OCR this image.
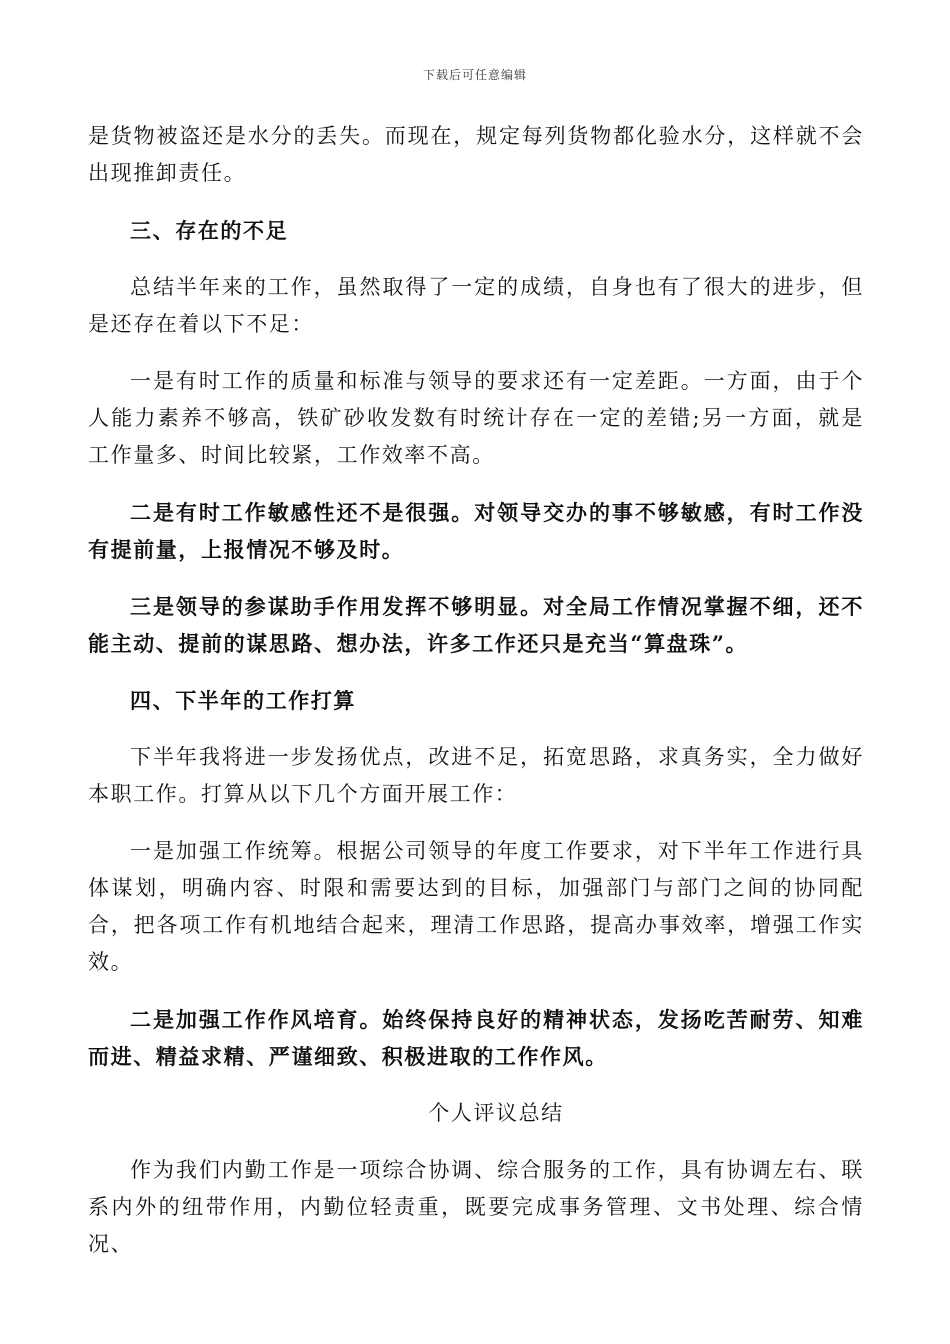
下载后可任意编辑

是货物被盗还是水分的丢失。而现在，规定每列货物都化验水分，这样就不会出现推卸责任。

三、存在的不足

总结半年来的工作，虽然取得了一定的成绩，自身也有了很大的进步，但是还存在着以下不足：

一是有时工作的质量和标准与领导的要求还有一定差距。一方面，由于个人能力素养不够高，铁矿砂收发数有时统计存在一定的差错;另一方面，就是工作量多、时间比较紧，工作效率不高。

二是有时工作敏感性还不是很强。对领导交办的事不够敏感，有时工作没有提前量，上报情况不够及时。

三是领导的参谋助手作用发挥不够明显。对全局工作情况掌握不细，还不能主动、提前的谋思路、想办法，许多工作还只是充当“算盘珠”。

四、下半年的工作打算

下半年我将进一步发扬优点，改进不足，拓宽思路，求真务实，全力做好本职工作。打算从以下几个方面开展工作：

一是加强工作统筹。根据公司领导的年度工作要求，对下半年工作进行具体谋划，明确内容、时限和需要达到的目标，加强部门与部门之间的协同配合，把各项工作有机地结合起来，理清工作思路，提高办事效率，增强工作实效。

二是加强工作作风培育。始终保持良好的精神状态，发扬吃苦耐劳、知难而进、精益求精、严谨细致、积极进取的工作作风。

个人评议总结

作为我们内勤工作是一项综合协调、综合服务的工作，具有协调左右、联系内外的纽带作用，内勤位轻责重，既要完成事务管理、文书处理、综合情况、
